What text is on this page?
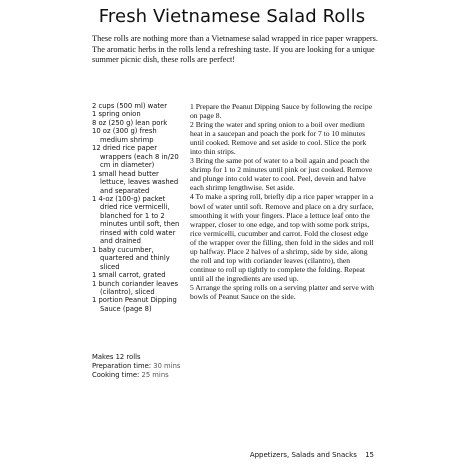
Fresh Vietnamese Salad Rolls

These rolls are nothing more than a Vietnamese salad wrapped in rice paper wrappers. The aromatic herbs in the rolls lend a refreshing taste. If you are looking for a unique summer picnic dish, these rolls are perfect!

2 cups (500 ml) water
1 spring onion
8 oz (250 g) lean pork
10 oz (300 g) fresh medium shrimp
12 dried rice paper wrappers (each 8 in/20 cm in diameter)
1 small head butter lettuce, leaves washed and separated
1 4-oz (100-g) packet dried rice vermicelli, blanched for 1 to 2 minutes until soft, then rinsed with cold water and drained
1 baby cucumber, quartered and thinly sliced
1 small carrot, grated
1 bunch coriander leaves (cilantro), sliced
1 portion Peanut Dipping Sauce (page 8)
1 Prepare the Peanut Dipping Sauce by following the recipe on page 8.
2 Bring the water and spring onion to a boil over medium heat in a saucepan and poach the pork for 7 to 10 minutes until cooked. Remove and set aside to cool. Slice the pork into thin strips.
3 Bring the same pot of water to a boil again and poach the shrimp for 1 to 2 minutes until pink or just cooked. Remove and plunge into cold water to cool. Peel, devein and halve each shrimp lengthwise. Set aside.
4 To make a spring roll, briefly dip a rice paper wrapper in a bowl of water until soft. Remove and place on a dry surface, smoothing it with your fingers. Place a lettuce leaf onto the wrapper, closer to one edge, and top with some pork strips, rice vermicelli, cucumber and carrot. Fold the closest edge of the wrapper over the filling, then fold in the sides and roll up halfway. Place 2 halves of a shrimp, side by side, along the roll and top with coriander leaves (cilantro), then continue to roll up tightly to complete the folding. Repeat until all the ingredients are used up.
5 Arrange the spring rolls on a serving platter and serve with bowls of Peanut Sauce on the side.
Makes 12 rolls
Preparation time: 30 mins
Cooking time: 25 mins
Appetizers, Salads and Snacks 15
